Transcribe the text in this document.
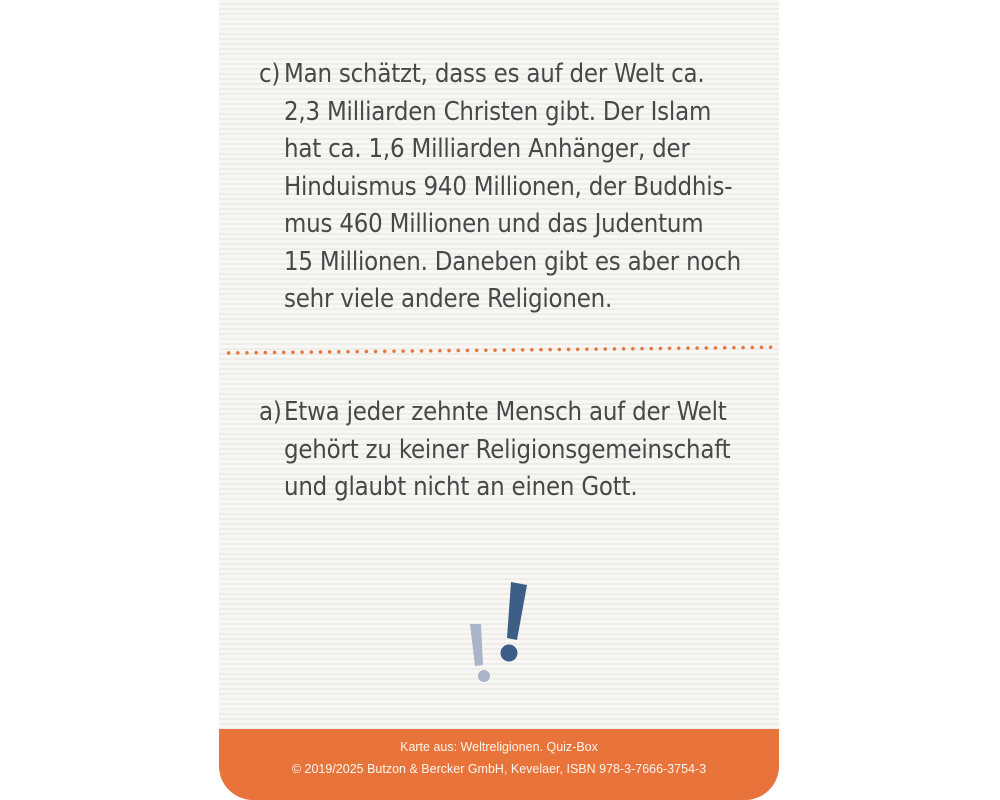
c) Man schätzt, dass es auf der Welt ca.
2,3 Milliarden Christen gibt. Der Islam
hat ca. 1,6 Milliarden Anhänger, der
Hinduismus 940 Millionen, der Buddhis-
mus 460 Millionen und das Judentum
15 Millionen. Daneben gibt es aber noch
sehr viele andere Religionen.
a) Etwa jeder zehnte Mensch auf der Welt
gehört zu keiner Religionsgemeinschaft
und glaubt nicht an einen Gott.
Karte aus: Weltreligionen. Quiz-Box
© 2019/2025 Butzon & Bercker GmbH, Kevelaer, ISBN 978-3-7666-3754-3
